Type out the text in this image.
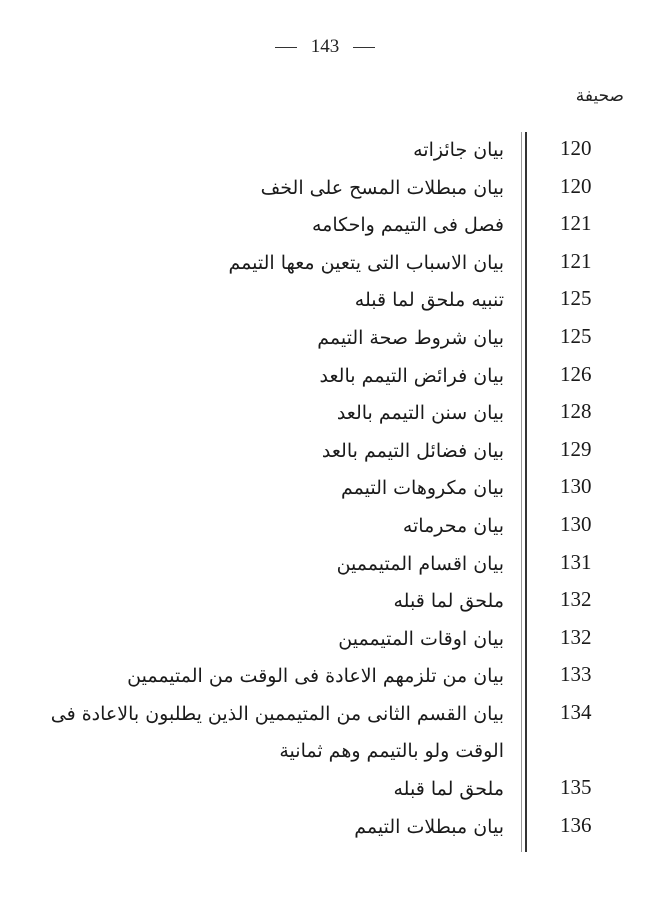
143
صحيفة
120
بيان جائزاته
120
بيان مبطلات المسح على الخف
121
فصل فى التيمم واحكامه
121
بيان الاسباب التى يتعين معها التيمم
125
تنبيه ملحق لما قبله
125
بيان شروط صحة التيمم
126
بيان فرائض التيمم بالعد
128
بيان سنن التيمم بالعد
129
بيان فضائل التيمم بالعد
130
بيان مكروهات التيمم
130
بيان محرماته
131
بيان اقسام المتيممين
132
ملحق لما قبله
132
بيان اوقات المتيممين
133
بيان من تلزمهم الاعادة فى الوقت من المتيممين
134
بيان القسم الثانى من المتيممين الذين يطلبون بالاعادة فى الوقت ولو بالتيمم وهم ثمانية
135
ملحق لما قبله
136
بيان مبطلات التيمم
